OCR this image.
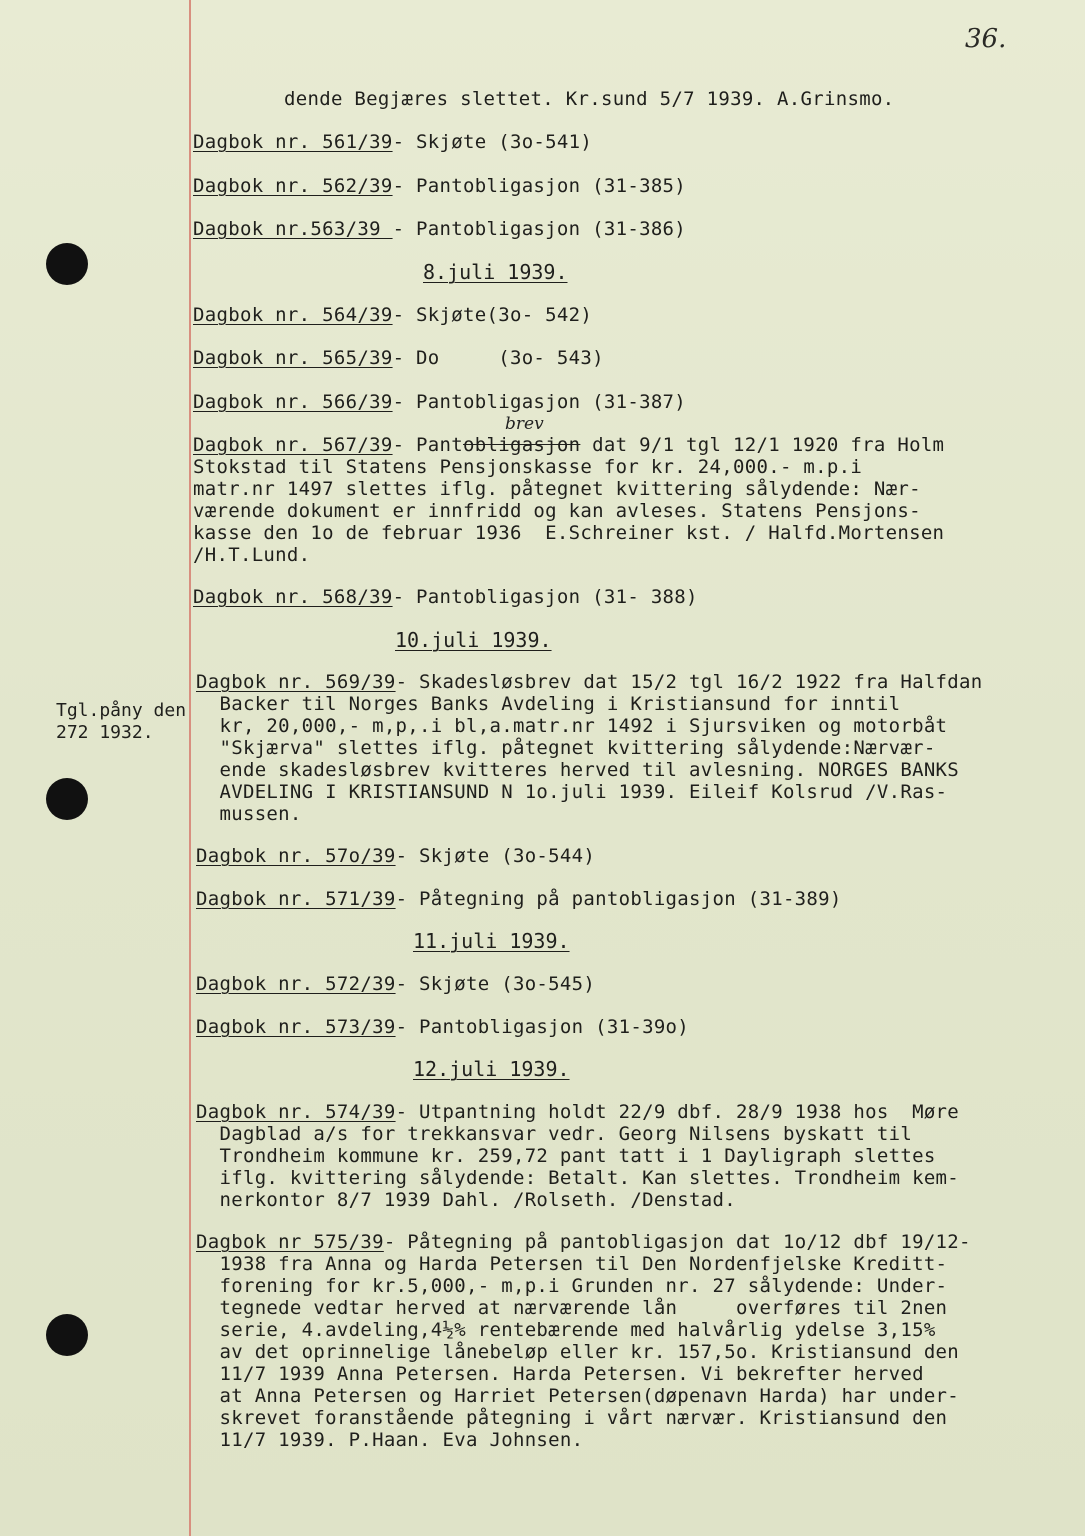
36.
Tgl.påny den
272 1932.
brev
dende Begjæres slettet. Kr.sund 5/7 1939. A.Grinsmo.
Dagbok nr. 561/39- Skjøte (3o-541)
Dagbok nr. 562/39- Pantobligasjon (31-385)
Dagbok nr.563/39 - Pantobligasjon (31-386)
Dagbok nr. 564/39- Skjøte(3o- 542)
Dagbok nr. 565/39- Do     (3o- 543)
Dagbok nr. 566/39- Pantobligasjon (31-387)
Dagbok nr. 567/39- Pantobligasjon dat 9/1 tgl 12/1 1920 fra Holm
Stokstad til Statens Pensjonskasse for kr. 24,000.- m.p.i
matr.nr 1497 slettes iflg. påtegnet kvittering sålydende: Nær-
værende dokument er innfridd og kan avleses. Statens Pensjons-
kasse den 1o de februar 1936  E.Schreiner kst. / Halfd.Mortensen
/H.T.Lund.
Dagbok nr. 568/39- Pantobligasjon (31- 388)
Dagbok nr. 569/39- Skadesløsbrev dat 15/2 tgl 16/2 1922 fra Halfdan
Backer til Norges Banks Avdeling i Kristiansund for inntil
kr, 20,000,- m,p,.i bl,a.matr.nr 1492 i Sjursviken og motorbåt
"Skjærva" slettes iflg. påtegnet kvittering sålydende:Nærvær-
ende skadesløsbrev kvitteres herved til avlesning. NORGES BANKS
AVDELING I KRISTIANSUND N 1o.juli 1939. Eileif Kolsrud /V.Ras-
mussen.
Dagbok nr. 57o/39- Skjøte (3o-544)
Dagbok nr. 571/39- Påtegning på pantobligasjon (31-389)
Dagbok nr. 572/39- Skjøte (3o-545)
Dagbok nr. 573/39- Pantobligasjon (31-39o)
Dagbok nr. 574/39- Utpantning holdt 22/9 dbf. 28/9 1938 hos  Møre
Dagblad a/s for trekkansvar vedr. Georg Nilsens byskatt til
Trondheim kommune kr. 259,72 pant tatt i 1 Dayligraph slettes
iflg. kvittering sålydende: Betalt. Kan slettes. Trondheim kem-
nerkontor 8/7 1939 Dahl. /Rolseth. /Denstad.
Dagbok nr 575/39- Påtegning på pantobligasjon dat 1o/12 dbf 19/12-
1938 fra Anna og Harda Petersen til Den Nordenfjelske Kreditt-
forening for kr.5,000,- m,p.i Grunden nr. 27 sålydende: Under-
tegnede vedtar herved at nærværende lån     overføres til 2nen
serie, 4.avdeling,4½% rentebærende med halvårlig ydelse 3,15%
av det oprinnelige lånebeløp eller kr. 157,5o. Kristiansund den
11/7 1939 Anna Petersen. Harda Petersen. Vi bekrefter herved
at Anna Petersen og Harriet Petersen(døpenavn Harda) har under-
skrevet foranstående påtegning i vårt nærvær. Kristiansund den
11/7 1939. P.Haan. Eva Johnsen.
8.juli 1939.
10.juli 1939.
11.juli 1939.
12.juli 1939.
